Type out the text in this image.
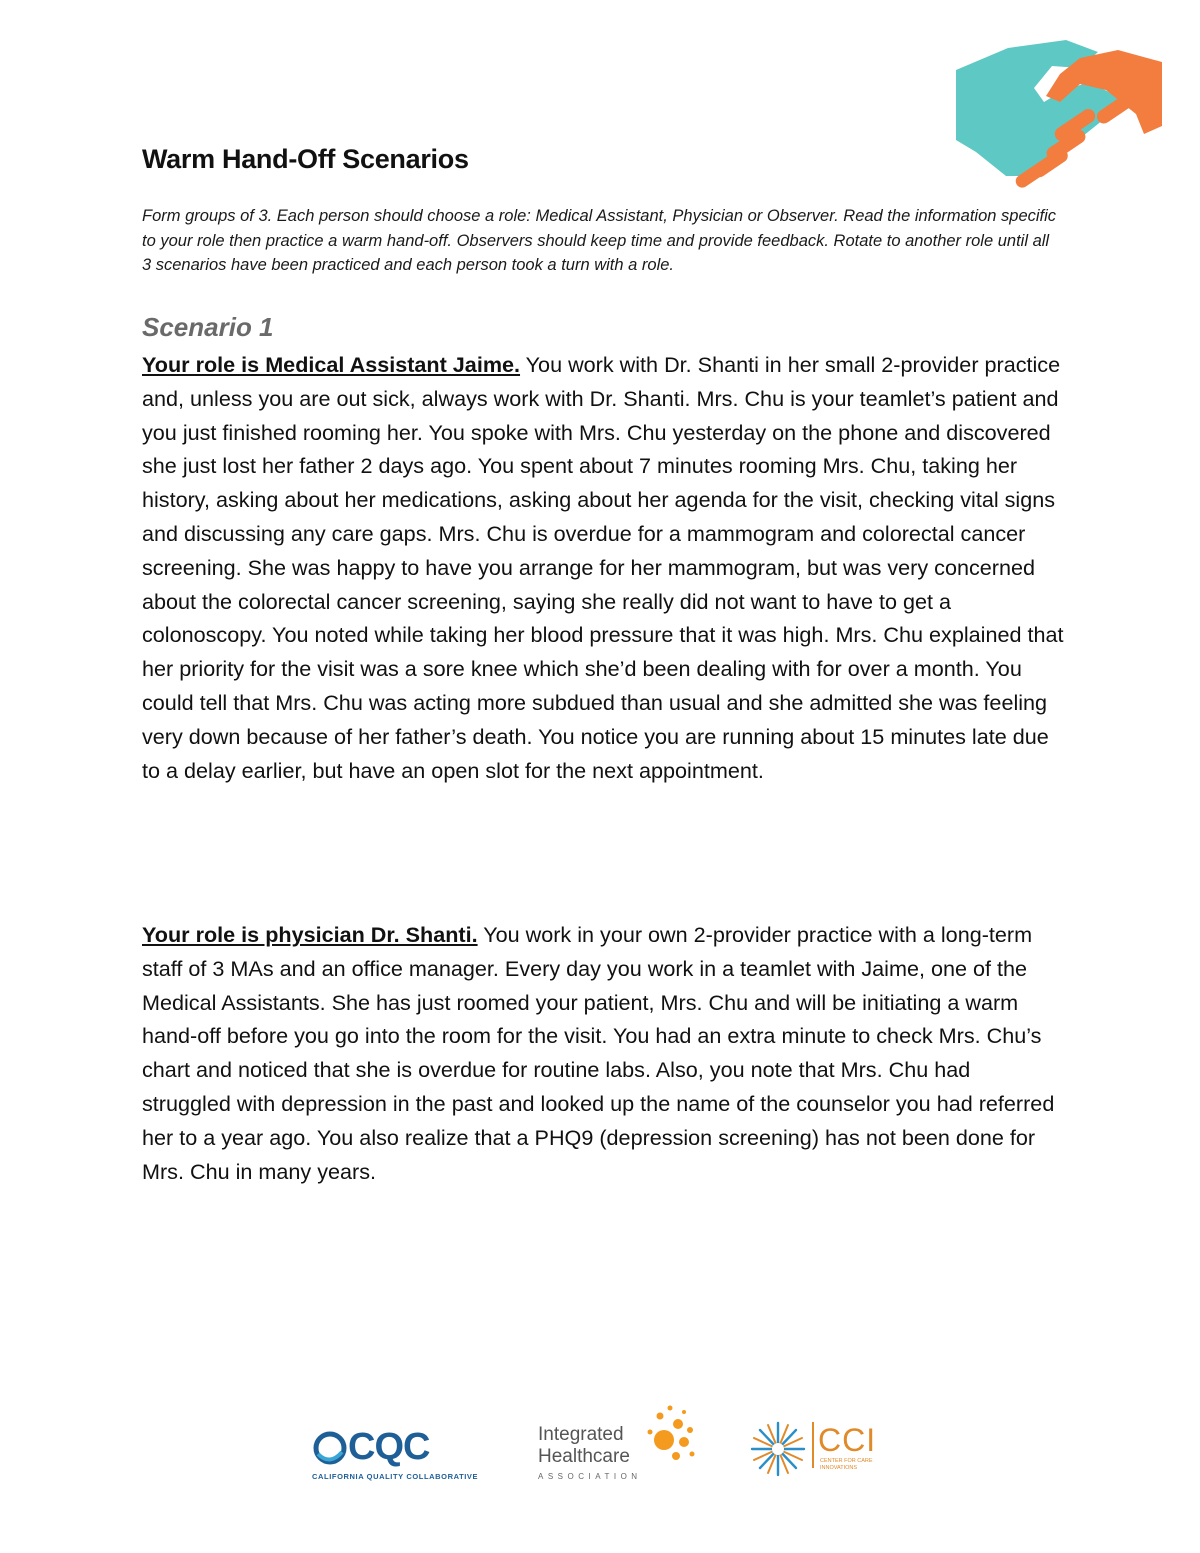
Warm Hand-Off Scenarios

Form groups of 3. Each person should choose a role: Medical Assistant, Physician or Observer. Read the information specific to your role then practice a warm hand-off. Observers should keep time and provide feedback. Rotate to another role until all 3 scenarios have been practiced and each person took a turn with a role.

Scenario 1

Your role is Medical Assistant Jaime. You work with Dr. Shanti in her small 2-provider practice and, unless you are out sick, always work with Dr. Shanti. Mrs. Chu is your teamlet’s patient and you just finished rooming her. You spoke with Mrs. Chu yesterday on the phone and discovered she just lost her father 2 days ago. You spent about 7 minutes rooming Mrs. Chu, taking her history, asking about her medications, asking about her agenda for the visit, checking vital signs and discussing any care gaps. Mrs. Chu is overdue for a mammogram and colorectal cancer screening. She was happy to have you arrange for her mammogram, but was very concerned about the colorectal cancer screening, saying she really did not want to have to get a colonoscopy. You noted while taking her blood pressure that it was high. Mrs. Chu explained that her priority for the visit was a sore knee which she’d been dealing with for over a month. You could tell that Mrs. Chu was acting more subdued than usual and she admitted she was feeling very down because of her father’s death. You notice you are running about 15 minutes late due to a delay earlier, but have an open slot for the next appointment.

Your role is physician Dr. Shanti. You work in your own 2-provider practice with a long-term staff of 3 MAs and an office manager. Every day you work in a teamlet with Jaime, one of the Medical Assistants. She has just roomed your patient, Mrs. Chu and will be initiating a warm hand-off before you go into the room for the visit. You had an extra minute to check Mrs. Chu’s chart and noticed that she is overdue for routine labs. Also, you note that Mrs. Chu had struggled with depression in the past and looked up the name of the counselor you had referred her to a year ago. You also realize that a PHQ9 (depression screening) has not been done for Mrs. Chu in many years.

CQC
CALIFORNIA QUALITY COLLABORATIVE
Integrated
Healthcare
ASSOCIATION
CCI
CENTER FOR CARE INNOVATIONS
